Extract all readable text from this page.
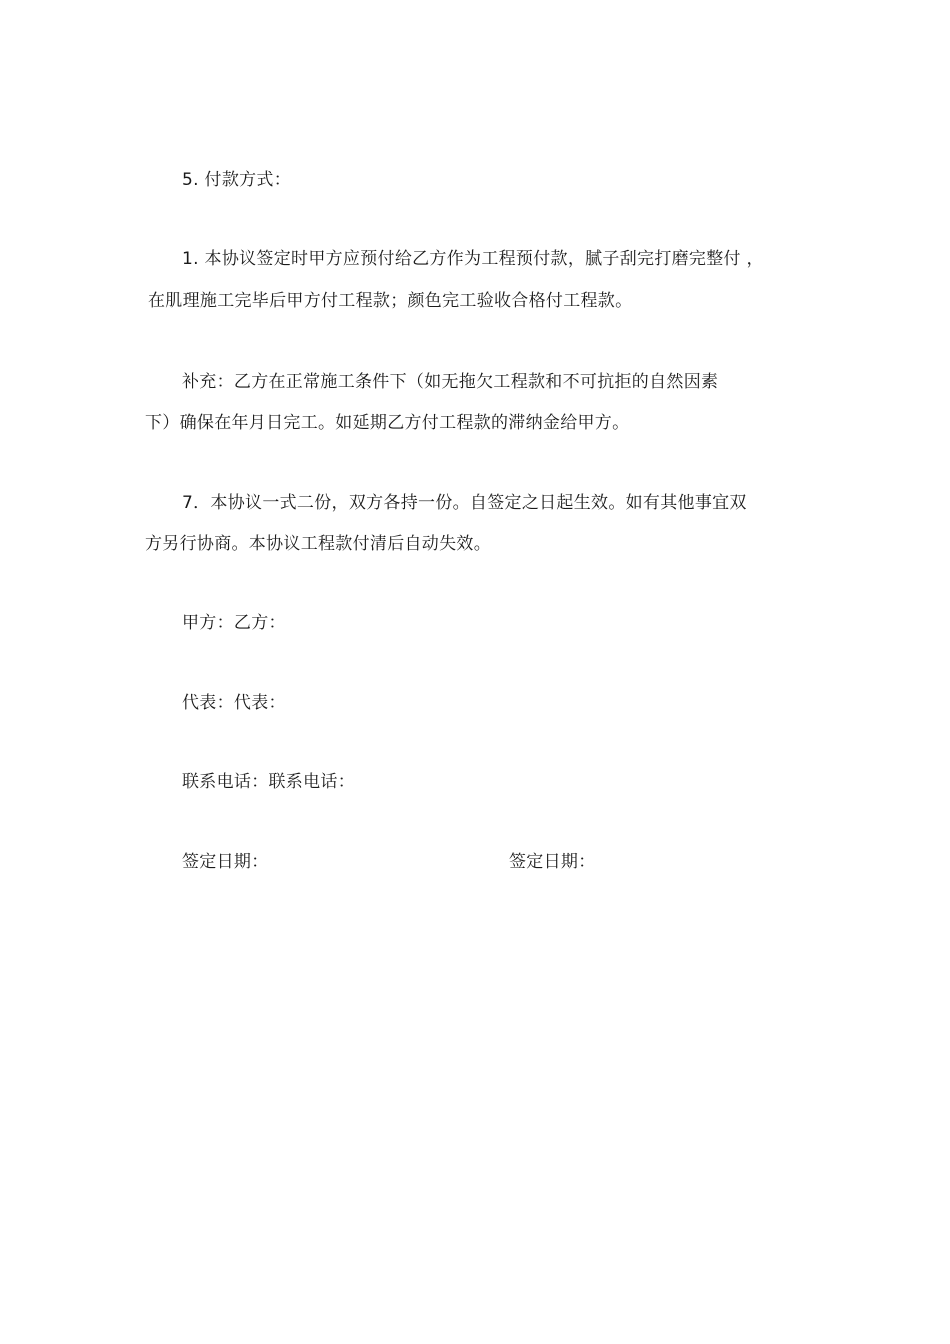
5. 付款方式：
1. 本协议签定时甲方应预付给乙方作为工程预付款，腻子刮完打磨完整付 ，
在肌理施工完毕后甲方付工程款；颜色完工验收合格付工程款。
补充：乙方在正常施工条件下（如无拖欠工程款和不可抗拒的自然因素
下）确保在年月日完工。如延期乙方付工程款的滞纳金给甲方。
7．本协议一式二份，双方各持一份。自签定之日起生效。如有其他事宜双
方另行协商。本协议工程款付清后自动失效。
甲方：乙方：
代表：代表：
联系电话：联系电话：
签定日期：	签定日期：
